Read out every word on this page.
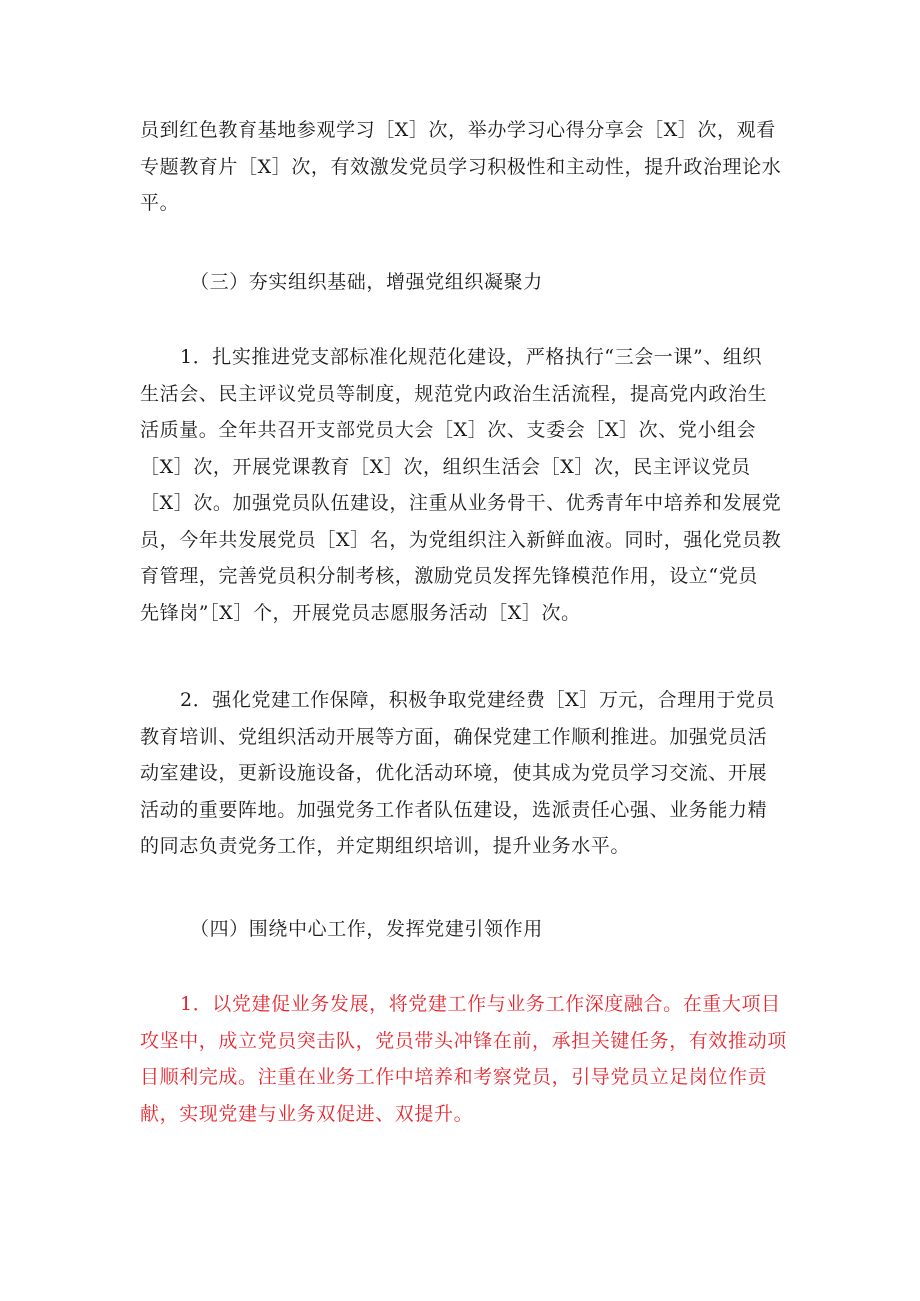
员到红色教育基地参观学习［X］次，举办学习心得分享会［X］次，观看
专题教育片［X］次，有效激发党员学习积极性和主动性，提升政治理论水
平。
（三）夯实组织基础，增强党组织凝聚力
1．扎实推进党支部标准化规范化建设，严格执行“三会一课”、组织
生活会、民主评议党员等制度，规范党内政治生活流程，提高党内政治生
活质量。全年共召开支部党员大会［X］次、支委会［X］次、党小组会
［X］次，开展党课教育［X］次，组织生活会［X］次，民主评议党员
［X］次。加强党员队伍建设，注重从业务骨干、优秀青年中培养和发展党
员，今年共发展党员［X］名，为党组织注入新鲜血液。同时，强化党员教
育管理，完善党员积分制考核，激励党员发挥先锋模范作用，设立“党员
先锋岗”［X］个，开展党员志愿服务活动［X］次。
2．强化党建工作保障，积极争取党建经费［X］万元，合理用于党员
教育培训、党组织活动开展等方面，确保党建工作顺利推进。加强党员活
动室建设，更新设施设备，优化活动环境，使其成为党员学习交流、开展
活动的重要阵地。加强党务工作者队伍建设，选派责任心强、业务能力精
的同志负责党务工作，并定期组织培训，提升业务水平。
（四）围绕中心工作，发挥党建引领作用
1．以党建促业务发展，将党建工作与业务工作深度融合。在重大项目
攻坚中，成立党员突击队，党员带头冲锋在前，承担关键任务，有效推动项
目顺利完成。注重在业务工作中培养和考察党员，引导党员立足岗位作贡
献，实现党建与业务双促进、双提升。
